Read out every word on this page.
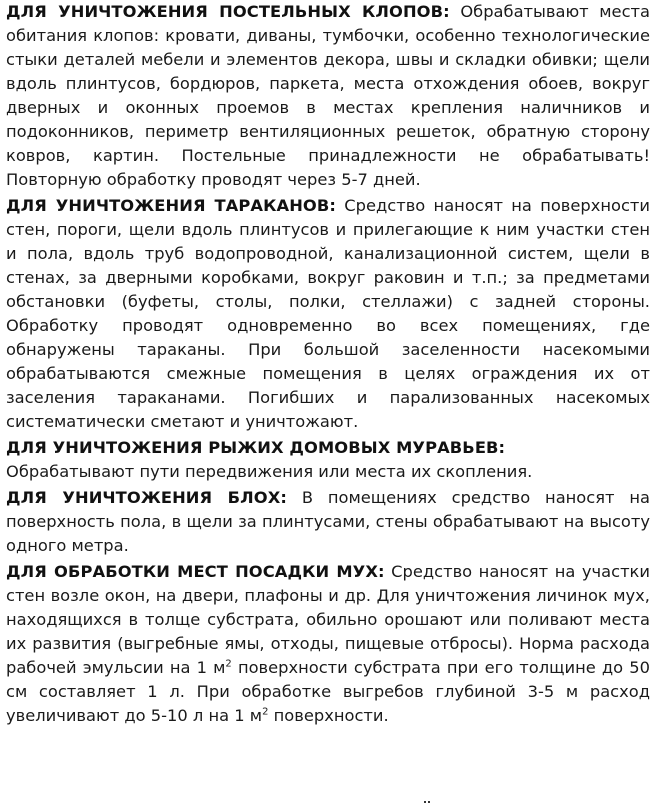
ДЛЯ УНИЧТОЖЕНИЯ ПОСТЕЛЬНЫХ КЛОПОВ: Обрабатывают места обитания клопов: кровати, диваны, тумбочки, особенно технологические стыки деталей мебели и элементов декора, швы и складки обивки; щели вдоль плинтусов, бордюров, паркета, места отхождения обоев, вокруг дверных и оконных проемов в местах крепления наличников и подоконников, периметр вентиляционных решеток, обратную сторону ковров, картин. Постельные принадлежности не обрабатывать! Повторную обработку проводят через 5-7 дней.

ДЛЯ УНИЧТОЖЕНИЯ ТАРАКАНОВ: Средство наносят на поверхности стен, пороги, щели вдоль плинтусов и прилегающие к ним участки стен и пола, вдоль труб водопроводной, канализационной систем, щели в стенах, за дверными коробками, вокруг раковин и т.п.; за предметами обстановки (буфеты, столы, полки, стеллажи) с задней стороны. Обработку проводят одновременно во всех помещениях, где обнаружены тараканы. При большой заселенности насекомыми обрабатываются смежные помещения в целях ограждения их от заселения тараканами. Погибших и парализованных насекомых систематически сметают и уничтожают.

ДЛЯ УНИЧТОЖЕНИЯ РЫЖИХ ДОМОВЫХ МУРАВЬЕВ:
Обрабатывают пути передвижения или места их скопления.

ДЛЯ УНИЧТОЖЕНИЯ БЛОХ: В помещениях средство наносят на поверхность пола, в щели за плинтусами, стены обрабатывают на высоту одного метра.

ДЛЯ ОБРАБОТКИ МЕСТ ПОСАДКИ МУХ: Средство наносят на участки стен возле окон, на двери, плафоны и др. Для уничтожения личинок мух, находящихся в толще субстрата, обильно орошают или поливают места их развития (выгребные ямы, отходы, пищевые отбросы). Норма расхода рабочей эмульсии на 1 $м^2$ поверхности субстрата при его толщине до 50 см составляет 1 л. При обработке выгребов глубиной 3-5 м расход увеличивают до 5-10 л на 1 $м^2$ поверхности.
